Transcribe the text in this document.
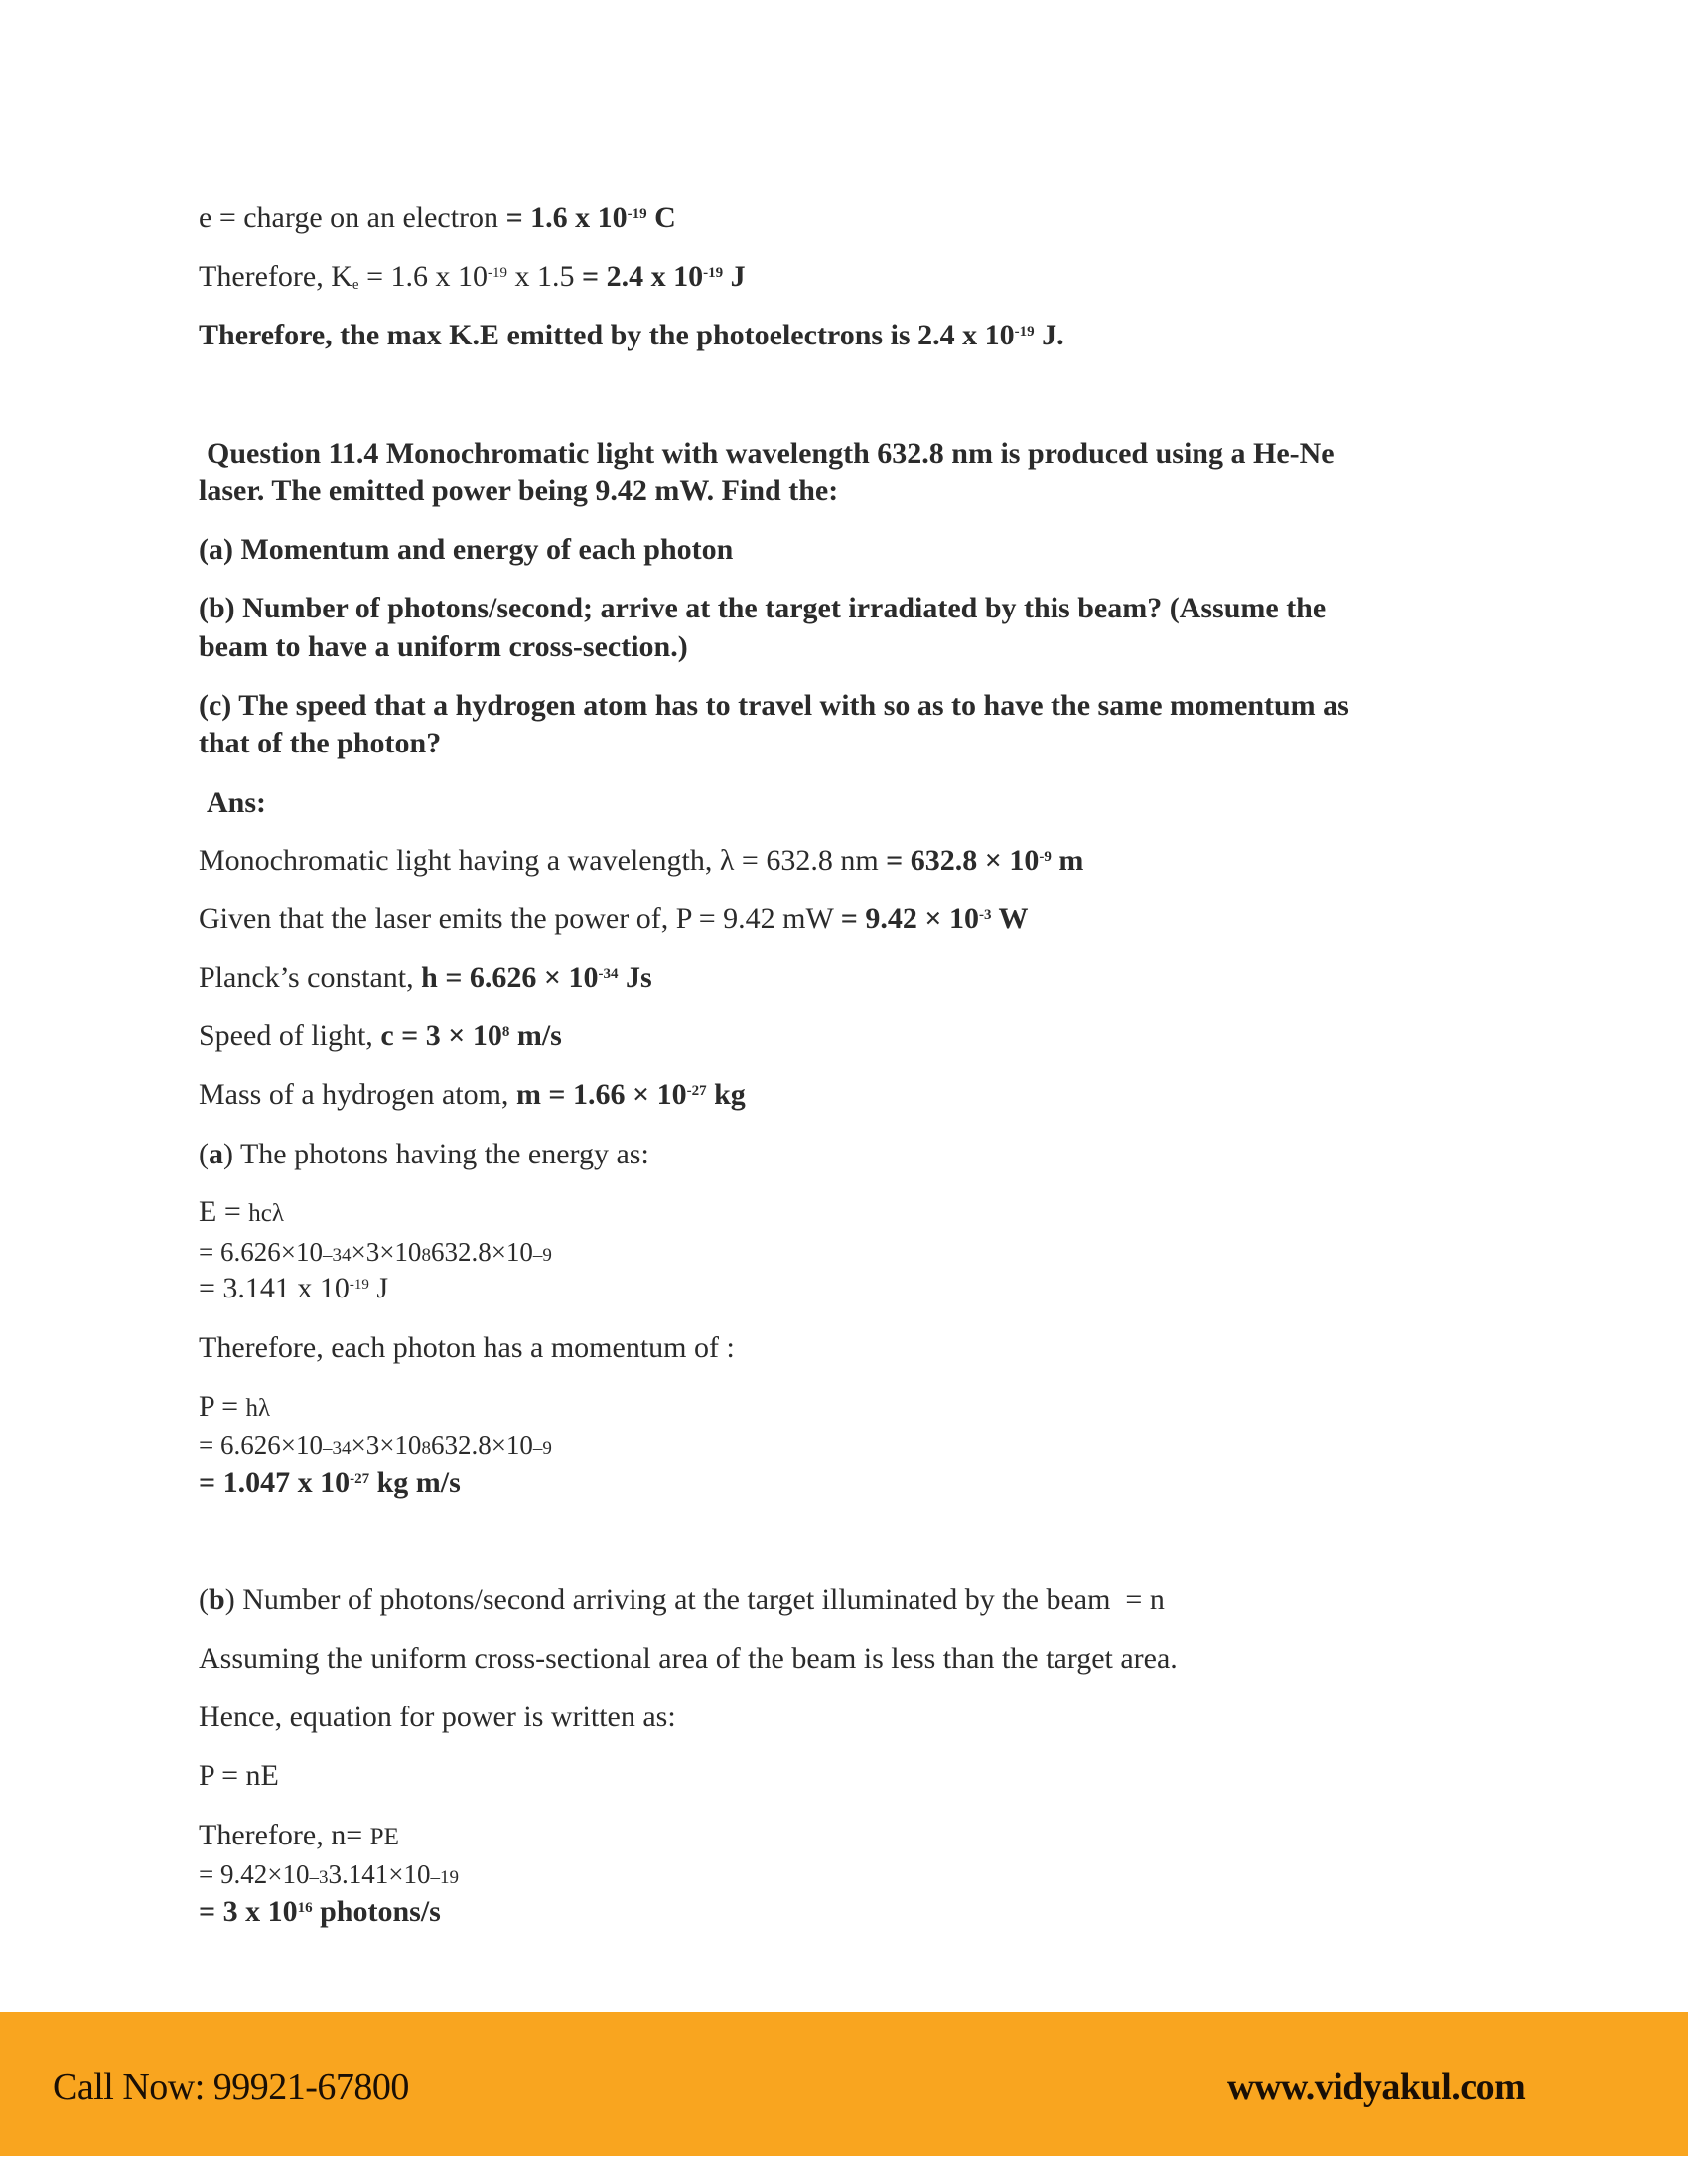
e = charge on an electron = 1.6 x $10^{-19}$ C
Therefore, $K_e = 1.6$ x $10^{-19}$ x 1.5 = 2.4 x $10^{-19}$ J
Therefore, the max K.E emitted by the photoelectrons is 2.4 x $10^{-19}$ J.
Question 11.4 Monochromatic light with wavelength 632.8 nm is produced using a He-Ne
laser. The emitted power being 9.42 mW. Find the:
(a) Momentum and energy of each photon
(b) Number of photons/second; arrive at the target irradiated by this beam? (Assume the
beam to have a uniform cross-section.)
(c) The speed that a hydrogen atom has to travel with so as to have the same momentum as
that of the photon?
Ans:
Monochromatic light having a wavelength, λ = 632.8 nm = $632.8 \times 10^{-9}$ m
Given that the laser emits the power of, P = 9.42 mW = $9.42 \times 10^{-3}$ W
Planck’s constant, $h = 6.626 \times 10^{-34}$ Js
Speed of light, $c = 3 \times 10^8$ m/s
Mass of a hydrogen atom, $m = 1.66 \times 10^{-27}$ kg
(a) The photons having the energy as:
E = hcλ
= 6.626×10–34×3×108632.8×10–9
= 3.141 x $10^{-19}$ J
Therefore, each photon has a momentum of :
P = hλ
= 6.626×10–34×3×108632.8×10–9
= 1.047 x $10^{-27}$ kg m/s
(b) Number of photons/second arriving at the target illuminated by the beam  = n
Assuming the uniform cross-sectional area of the beam is less than the target area.
Hence, equation for power is written as:
P = nE
Therefore, n= PE
= 9.42×10–33.141×10–19
= 3 x $10^{16}$ photons/s
Call Now: 99921-67800	www.vidyakul.com
